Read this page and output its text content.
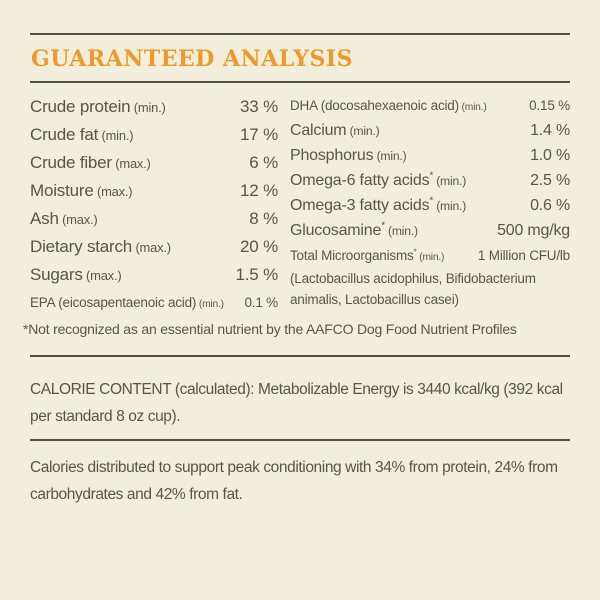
GUARANTEED ANALYSIS
Crude protein (min.)	33 %
Crude fat (min.)	17 %
Crude fiber (max.)	6 %
Moisture (max.)	12 %
Ash (max.)	8 %
Dietary starch (max.)	20 %
Sugars (max.)	1.5 %
EPA (eicosapentaenoic acid) (min.) 0.1 %
DHA (docosahexaenoic acid) (min.)	0.15 %
Calcium (min.)	1.4 %
Phosphorus (min.)	1.0 %
Omega-6 fatty acids* (min.)	2.5 %
Omega-3 fatty acids* (min.)	0.6 %
Glucosamine* (min.)	500 mg/kg
Total Microorganisms* (min.) 1 Million CFU/lb
(Lactobacillus acidophilus, Bifidobacterium animalis, Lactobacillus casei)
*Not recognized as an essential nutrient by the AAFCO Dog Food Nutrient Profiles
CALORIE CONTENT (calculated): Metabolizable Energy is 3440 kcal/kg (392 kcal per standard 8 oz cup).
Calories distributed to support peak conditioning with 34% from protein, 24% from carbohydrates and 42% from fat.
